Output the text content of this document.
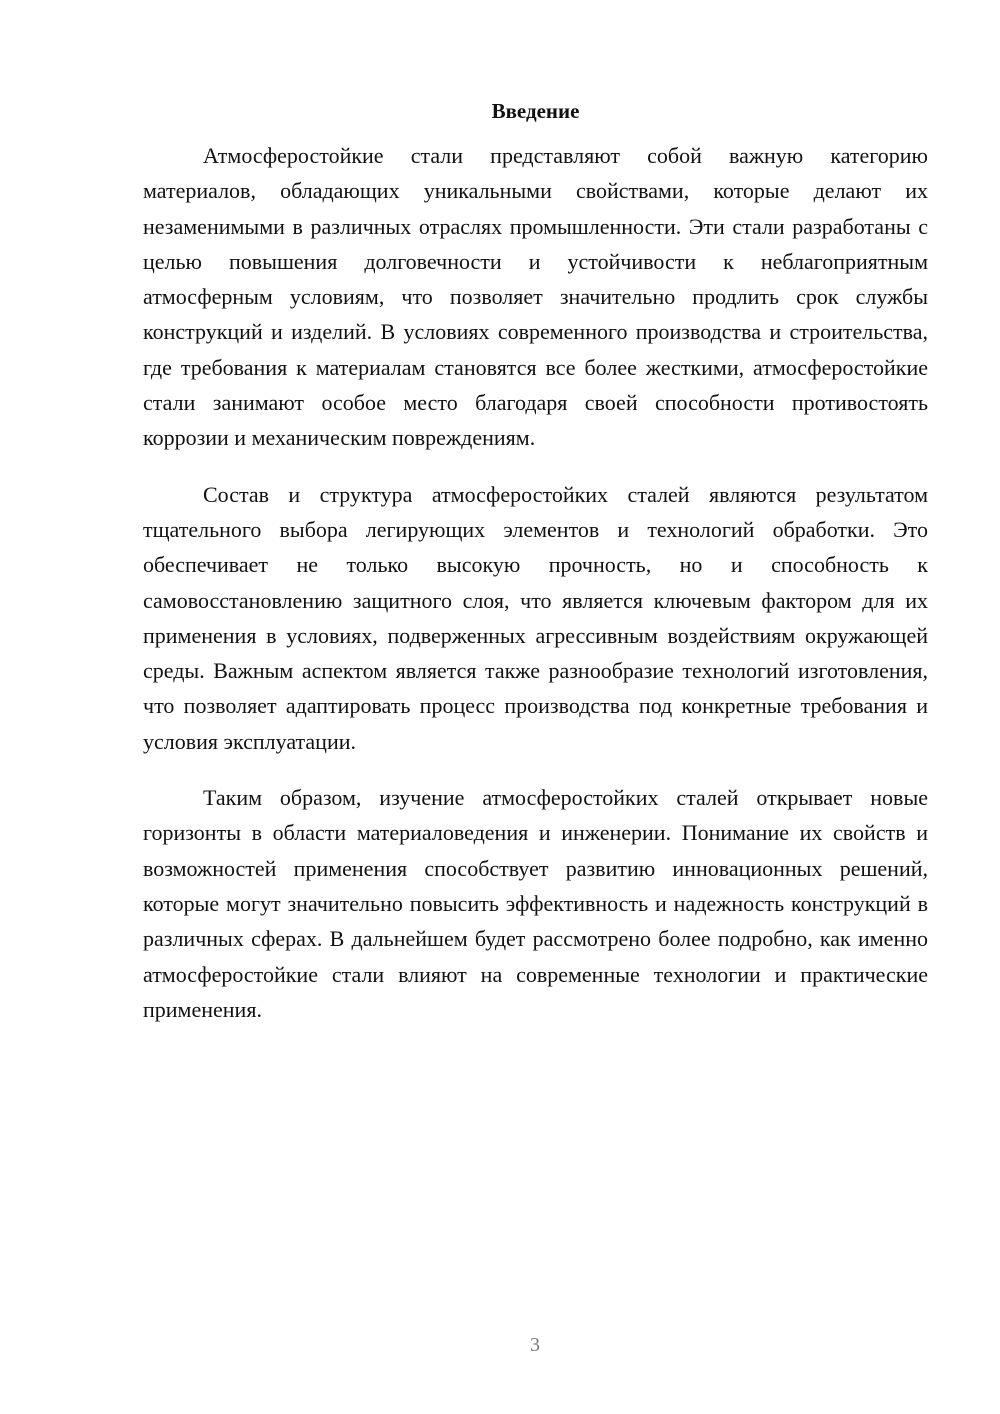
Введение

Атмосферостойкие стали представляют собой важную категорию материалов, обладающих уникальными свойствами, которые делают их незаменимыми в различных отраслях промышленности. Эти стали разработаны с целью повышения долговечности и устойчивости к неблагоприятным атмосферным условиям, что позволяет значительно продлить срок службы конструкций и изделий. В условиях современного производства и строительства, где требования к материалам становятся все более жесткими, атмосферостойкие стали занимают особое место благодаря своей способности противостоять коррозии и механическим повреждениям.

Состав и структура атмосферостойких сталей являются результатом тщательного выбора легирующих элементов и технологий обработки. Это обеспечивает не только высокую прочность, но и способность к самовосстановлению защитного слоя, что является ключевым фактором для их применения в условиях, подверженных агрессивным воздействиям окружающей среды. Важным аспектом является также разнообразие технологий изготовления, что позволяет адаптировать процесс производства под конкретные требования и условия эксплуатации.

Таким образом, изучение атмосферостойких сталей открывает новые горизонты в области материаловедения и инженерии. Понимание их свойств и возможностей применения способствует развитию инновационных решений, которые могут значительно повысить эффективность и надежность конструкций в различных сферах. В дальнейшем будет рассмотрено более подробно, как именно атмосферостойкие стали влияют на современные технологии и практические применения.

3
